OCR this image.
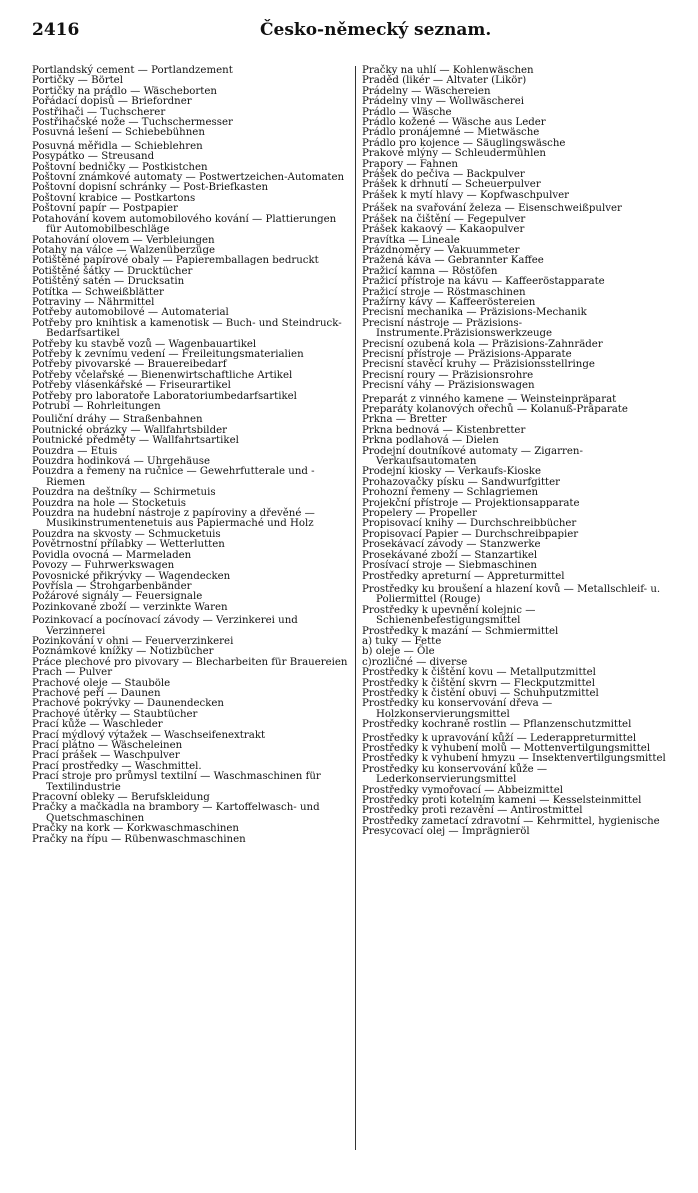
2416	Česko-německý seznam.
Portlandský cement — Portlandzement
Portičky — Börtel
Portičky na prádlo — Wäscheborten
Pořádací dopisů — Briefordner
Postřihači — Tuchscherer
Postřihačské nože — Tuchschermesser
Posuvná lešení — Schiebebühnen
Posuvná měřidla — Schieblehren
Posypátko — Streusand
Poštovní bedničky — Postkistchen
Poštovní známkové automaty — Postwertzeichen-Automaten
Poštovní dopisní schránky — Post-Briefkasten
Poštovní krabice — Postkartons
Poštovní papír — Postpapier
Potahování kovem automobilového kování — Plattierungen für Automobilbeschläge
Potahování olovem — Verbleiungen
Potahy na válce — Walzenüberzüge
Potištěné papírové obaly — Papieremballagen bedruckt
Potištěné šátky — Drucktücher
Potištěný satén — Drucksatin
Potítka — Schweißblätter
Potraviny — Nährmittel
Potřeby automobilové — Automaterial
Potřeby pro knihtisk a kamenotisk — Buch- und Steindruck-Bedarfsartikel
Potřeby ku stavbě vozů — Wagenbauartikel
Potřeby k zevnímu vedení — Freileitungsmaterialien
Potřeby pivovarské — Brauereibedarf
Potřeby včelařské — Bienenwirtschaftliche Artikel
Potřeby vlásenkářské — Friseurartikel
Potřeby pro laboratoře Laboratoriumbedarfsartikel
Potrubí — Rohrleitungen
Pouliční dráhy — Straßenbahnen
Poutnické obrázky — Wallfahrtsbilder
Poutnické předměty — Wallfahrtsartikel
Pouzdra — Etuis
Pouzdra hodinková — Uhrgehäuse
Pouzdra a řemeny na ručnice — Gewehrfutterale und -Riemen
Pouzdra na deštníky — Schirmetuis
Pouzdra na hole — Stocketuis
Pouzdra na hudební nástroje z papíroviny a dřevěné — Musikinstrumentenetuis aus Papiermaché und Holz
Pouzdra na skvosty — Schmucketuis
Povětrnostní přílabky — Wetterlutten
Povidla ovocná — Marmeladen
Povozy — Fuhrwerkswagen
Povosnické přikrývky — Wagendecken
Povřísla — Strohgarbenbänder
Požárové signály — Feuersignale
Pozinkované zboží — verzinkte Waren
Pozinkovací a pocínovací závody — Verzinkerei und Verzinnerei
Pozinkování v ohni — Feuerverzinkerei
Poznámkové knížky — Notizbücher
Práce plechové pro pivovary — Blecharbeiten für Brauereien
Prach — Pulver
Prachové oleje — Stauböle
Prachové peří — Daunen
Prachové pokrývky — Daunendecken
Prachové útěrky — Staubtücher
Prací kůže — Waschleder
Prací mýdlový výtažek — Waschseifenextrakt
Prací plátno — Wäscheleinen
Prací prášek — Waschpulver
Prací prostředky — Waschmittel.
Prací stroje pro průmysl textilní — Waschmaschinen für Textilindustrie
Pracovní obleky — Berufskleidung
Pračky a mačkadla na brambory — Kartoffelwasch- und Quetschmaschinen
Pračky na kork — Korkwaschmaschinen
Pračky na řípu — Rübenwaschmaschinen
Pračky na uhlí — Kohlenwäschen
Praděd (likér — Altvater (Likör)
Prádelny — Wäschereien
Prádelny vlny — Wollwäscherei
Prádlo — Wäsche
Prádlo kožené — Wäsche aus Leder
Prádlo pronájemné — Mietwäsche
Prádlo pro kojence — Säuglingswäsche
Prakové mlýny — Schleudermühlen
Prapory — Fahnen
Prášek do pečiva — Backpulver
Prášek k drhnutí — Scheuerpulver
Prášek k mytí hlavy — Kopfwaschpulver
Prášek na svařování železa — Eisenschweißpulver
Prášek na čištění — Fegepulver
Prášek kakaový — Kakaopulver
Pravítka — Lineale
Prázdnoměry — Vakuummeter
Pražená káva — Gebrannter Kaffee
Pražicí kamna — Röstöfen
Pražicí přístroje na kávu — Kaffeeröstapparate
Pražicí stroje — Röstmaschinen
Pražírny kávy — Kaffeeröstereien
Precisní mechanika — Präzisions-Mechanik
Precisní nástroje — Präzisions-Instrumente.Präzisionswerkzeuge
Precisní ozubená kola — Präzisions-Zahnräder
Precisní přístroje — Präzisions-Apparate
Precisní stavěcí kruhy — Präzisionsstellringe
Precisní roury — Präzisionsrohre
Precisní váhy — Präzisionswagen
Preparát z vinného kamene — Weinsteinpräparat
Preparáty kolanových ořechů — Kolanuß-Präparate
Prkna — Bretter
Prkna bednová — Kistenbretter
Prkna podlahová — Dielen
Prodejní doutníkové automaty — Zigarren-Verkaufsautomaten
Prodejní kiosky — Verkaufs-Kioske
Prohazovačky písku — Sandwurfgitter
Prohozní řemeny — Schlagriemen
Projekční přístroje — Projektionsapparate
Propelery — Propeller
Propisovací knihy — Durchschreibbücher
Propisovací Papier — Durchschreibpapier
Prosekávací závody — Stanzwerke
Prosekávané zboží — Stanzartikel
Prosívací stroje — Siebmaschinen
Prostředky apreturní — Appreturmittel
Prostředky ku broušení a hlazení kovů — Metallschleif- u. Poliermittel (Rouge)
Prostředky k upevnění kolejnic — Schienenbefestigungsmittel
Prostředky k mazání — Schmiermittel
a) tuky — Fette
b) oleje — Öle
c)rozličné — diverse
Prostředky k čištění kovu — Metallputzmittel
Prostředky k čištění skvrn — Fleckputzmittel
Prostředky k čistění obuvi — Schuhputzmittel
Prostředky ku konservování dřeva — Holzkonservierungsmittel
Prostředky kochraně rostlin — Pflanzenschutzmittel
Prostředky k upravování kůží — Lederappreturmittel
Prostředky k vyhubení molů — Mottenvertilgungsmittel
Prostředky k vyhubení hmyzu — Insektenvertilgungsmittel
Prostředky ku konservování kůže — Lederkonservierungsmittel
Prostředky vymořovací — Abbeizmittel
Prostředky proti kotelním kameni — Kesselsteinmittel
Prostředky proti rezavění — Antirostmittel
Prostředky zametací zdravotní — Kehrmittel, hygienische
Presycovací olej — Imprägnieröl
